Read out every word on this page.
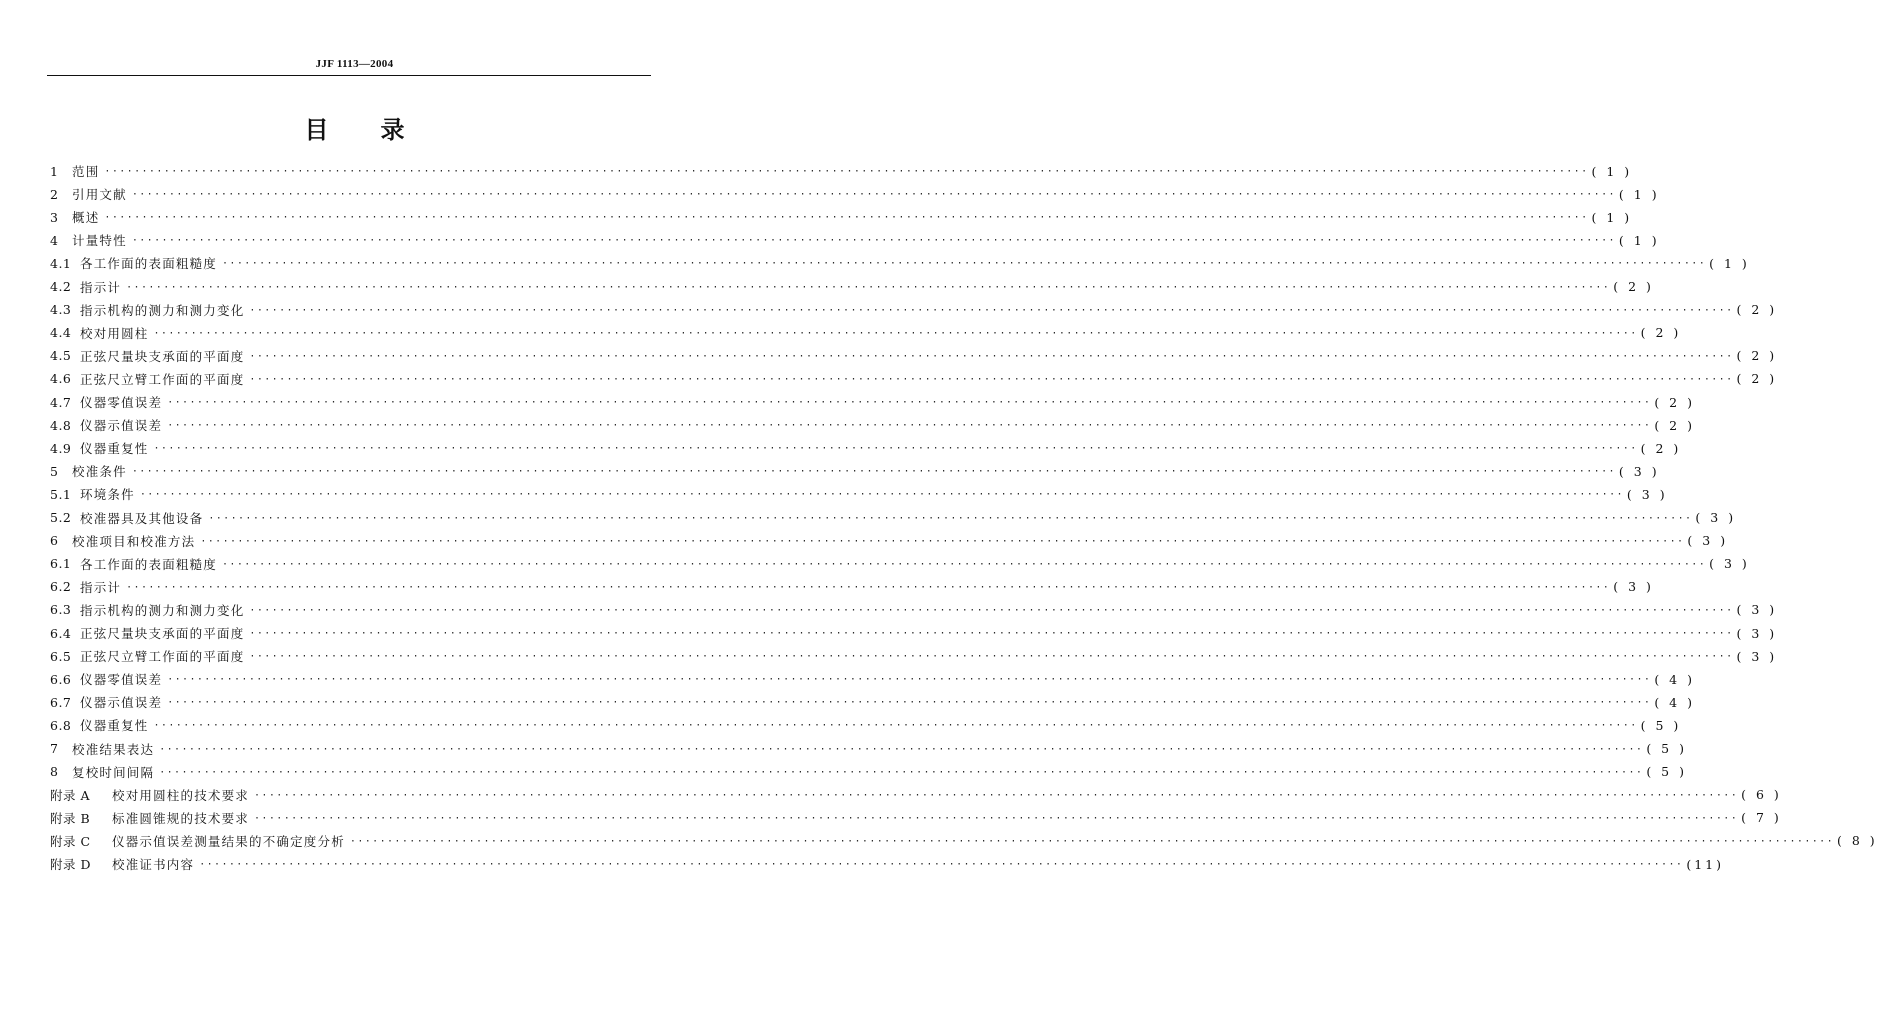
JJF 1113—2004
目录
1	范围 ········································································································································································································ ( 1 )
2	引用文献 ········································································································································································································ ( 1 )
3	概述 ········································································································································································································ ( 1 )
4	计量特性 ········································································································································································································ ( 1 )
4.1 各工作面的表面粗糙度 ········································································································································································································ ( 1 )
4.2 指示计 ········································································································································································································ ( 2 )
4.3 指示机构的测力和测力变化 ········································································································································································································ ( 2 )
4.4 校对用圆柱 ········································································································································································································ ( 2 )
4.5 正弦尺量块支承面的平面度 ········································································································································································································ ( 2 )
4.6 正弦尺立臂工作面的平面度 ········································································································································································································ ( 2 )
4.7 仪器零值误差 ········································································································································································································ ( 2 )
4.8 仪器示值误差 ········································································································································································································ ( 2 )
4.9 仪器重复性 ········································································································································································································ ( 2 )
5	校准条件 ········································································································································································································ ( 3 )
5.1 环境条件 ········································································································································································································ ( 3 )
5.2 校准器具及其他设备 ········································································································································································································ ( 3 )
6	校准项目和校准方法 ········································································································································································································ ( 3 )
6.1 各工作面的表面粗糙度 ········································································································································································································ ( 3 )
6.2 指示计 ········································································································································································································ ( 3 )
6.3 指示机构的测力和测力变化 ········································································································································································································ ( 3 )
6.4 正弦尺量块支承面的平面度 ········································································································································································································ ( 3 )
6.5 正弦尺立臂工作面的平面度 ········································································································································································································ ( 3 )
6.6 仪器零值误差 ········································································································································································································ ( 4 )
6.7 仪器示值误差 ········································································································································································································ ( 4 )
6.8 仪器重复性 ········································································································································································································ ( 5 )
7	校准结果表达 ········································································································································································································ ( 5 )
8	复校时间间隔 ········································································································································································································ ( 5 )
附录 A	校对用圆柱的技术要求 ········································································································································································································ ( 6 )
附录 B	标准圆锥规的技术要求 ········································································································································································································ ( 7 )
附录 C	仪器示值误差测量结果的不确定度分析 ········································································································································································································ ( 8 )
附录 D	校准证书内容 ········································································································································································································ (11)
